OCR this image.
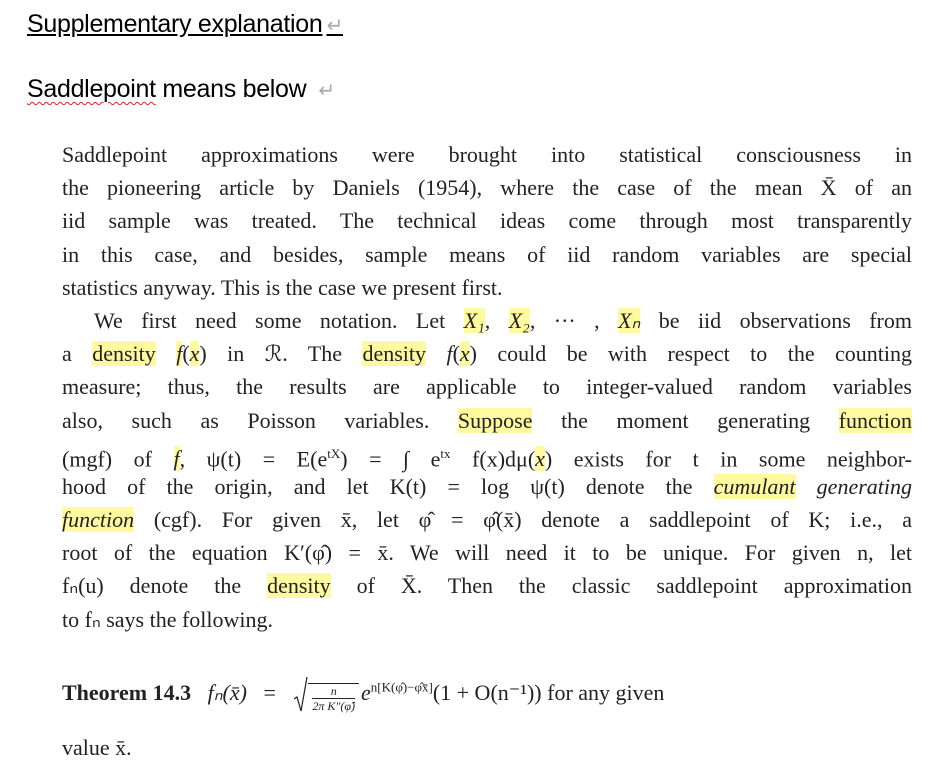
Supplementary explanation ↵
Saddlepoint means below ↵
Saddlepoint approximations were brought into statistical consciousness in
the pioneering article by Daniels (1954), where the case of the mean X̄ of an
iid sample was treated. The technical ideas come through most transparently
in this case, and besides, sample means of iid random variables are special
statistics anyway. This is the case we present first.
We first need some notation. Let X₁, X₂, ··· , Xₙ be iid observations from
a density f(x) in ℛ. The density f(x) could be with respect to the counting
measure; thus, the results are applicable to integer-valued random variables
also, such as Poisson variables. Suppose the moment generating function
(mgf) of f, $\psi(t) = E(e^{tX})$ = ∫ $e^{tx}$ f(x)dμ(x) exists for t in some neighbor-
hood of the origin, and let K(t) = log ψ(t) denote the cumulant generating
function (cgf). For given x̄, let φ̂ = φ̂(x̄) denote a saddlepoint of K; i.e., a
root of the equation K′(φ̂) = x̄. We will need it to be unique. For given n, let
fₙ(u) denote the density of X̄. Then the classic saddlepoint approximation
to fₙ says the following.
Theorem 14.3 fₙ(x̄) =	$\frac{n}{\text{2π K″(φ̂)}} e^{n[K(\varphî)-\varphîx̄]}(1 + O(n^{-1}))$ for any given
value x̄.
